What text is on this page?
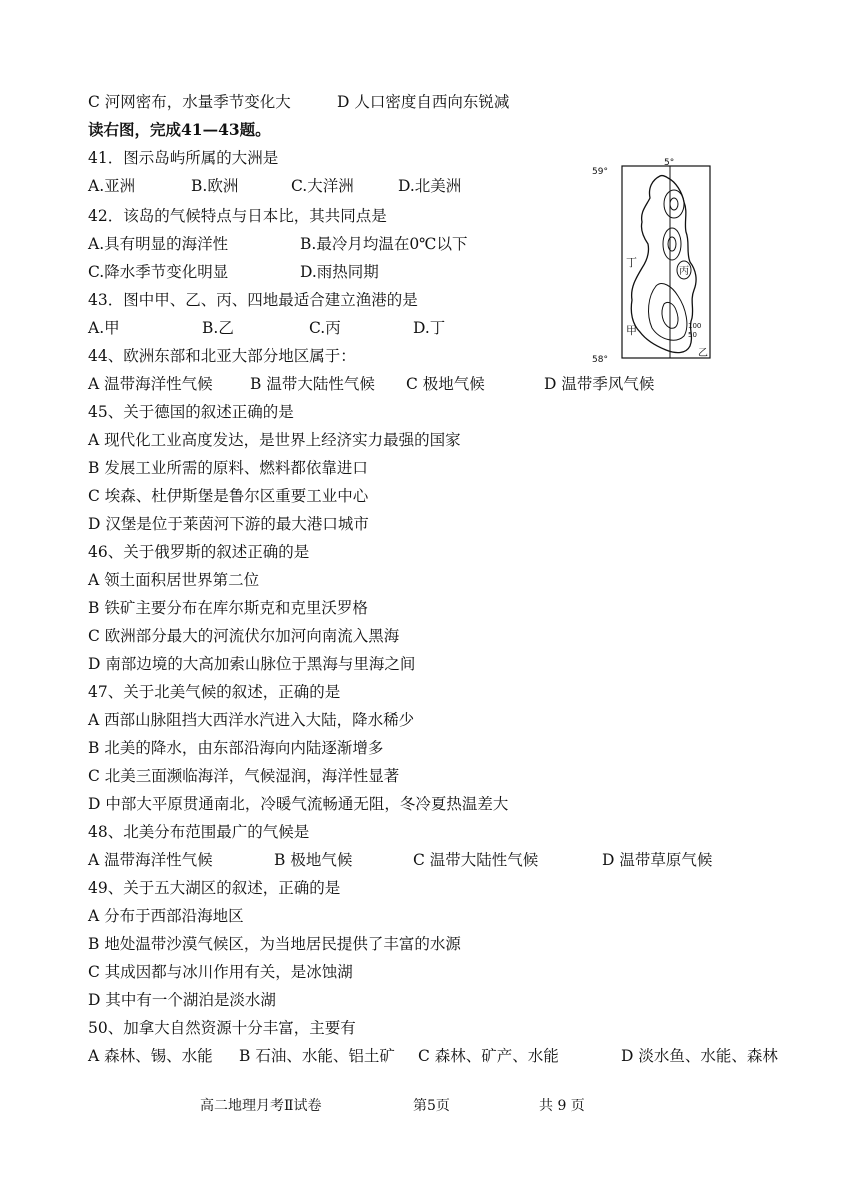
C 河网密布，水量季节变化大	D 人口密度自西向东锐减
读右图，完成41—43题。
41．图示岛屿所属的大洲是
A.亚洲	B.欧洲	C.大洋洲	D.北美洲
42．该岛的气候特点与日本比，其共同点是
A.具有明显的海洋性	B.最冷月均温在0℃以下
C.降水季节变化明显	D.雨热同期
43．图中甲、乙、丙、四地最适合建立渔港的是
A.甲	B.乙	C.丙	D.丁
44、欧洲东部和北亚大部分地区属于：
A 温带海洋性气候 B 温带大陆性气候 C 极地气候	D 温带季风气候
45、关于德国的叙述正确的是
A 现代化工业高度发达，是世界上经济实力最强的国家
B 发展工业所需的原料、燃料都依靠进口
C 埃森、杜伊斯堡是鲁尔区重要工业中心
D 汉堡是位于莱茵河下游的最大港口城市
46、关于俄罗斯的叙述正确的是
A 领土面积居世界第二位
B 铁矿主要分布在库尔斯克和克里沃罗格
C 欧洲部分最大的河流伏尔加河向南流入黑海
D 南部边境的大高加索山脉位于黑海与里海之间
47、关于北美气候的叙述，正确的是
A 西部山脉阻挡大西洋水汽进入大陆，降水稀少
B 北美的降水，由东部沿海向内陆逐渐增多
C 北美三面濒临海洋，气候湿润，海洋性显著
D 中部大平原贯通南北，冷暖气流畅通无阻，冬冷夏热温差大
48、北美分布范围最广的气候是
A 温带海洋性气候	B 极地气候	C 温带大陆性气候	D 温带草原气候
49、关于五大湖区的叙述，正确的是
A 分布于西部沿海地区
B 地处温带沙漠气候区，为当地居民提供了丰富的水源
C 其成因都与冰川作用有关，是冰蚀湖
D 其中有一个湖泊是淡水湖
50、加拿大自然资源十分丰富，主要有
A 森林、锡、水能 B 石油、水能、铝土矿 C 森林、矿产、水能	D 淡水鱼、水能、森林
59°
58°
5°
丁
丙
甲
乙
100
50
高二地理月考Ⅱ试卷	第5页	共 9 页
